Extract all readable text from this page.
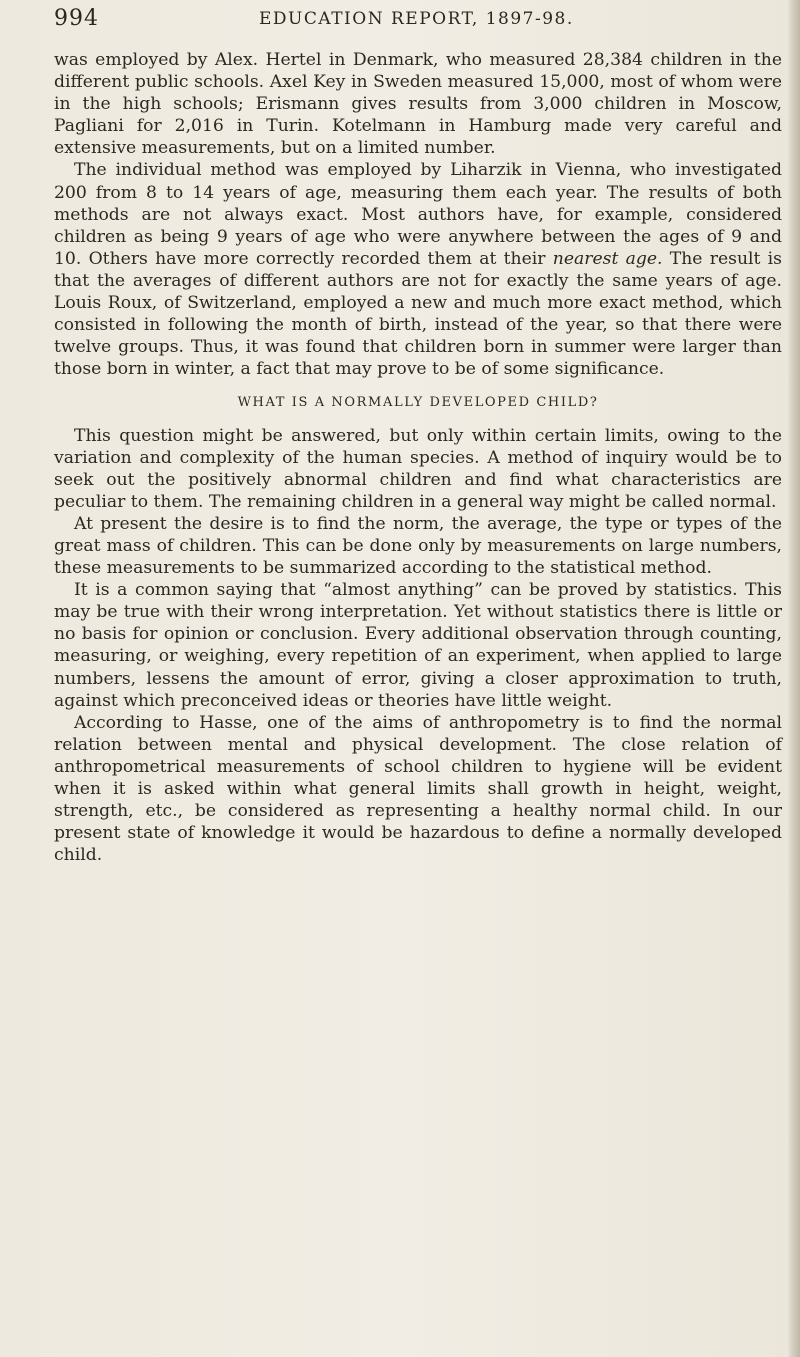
994	EDUCATION REPORT, 1897-98.

was employed by Alex. Hertel in Denmark, who measured 28,384 children in the different public schools. Axel Key in Sweden measured 15,000, most of whom were in the high schools; Erismann gives results from 3,000 children in Moscow, Pagliani for 2,016 in Turin. Kotelmann in Hamburg made very careful and extensive measurements, but on a limited number.

The individual method was employed by Liharzik in Vienna, who investigated 200 from 8 to 14 years of age, measuring them each year. The results of both methods are not always exact. Most authors have, for example, considered children as being 9 years of age who were anywhere between the ages of 9 and 10. Others have more correctly recorded them at their nearest age. The result is that the averages of different authors are not for exactly the same years of age. Louis Roux, of Switzerland, employed a new and much more exact method, which consisted in following the month of birth, instead of the year, so that there were twelve groups. Thus, it was found that children born in summer were larger than those born in winter, a fact that may prove to be of some significance.

WHAT IS A NORMALLY DEVELOPED CHILD?

This question might be answered, but only within certain limits, owing to the variation and complexity of the human species. A method of inquiry would be to seek out the positively abnormal children and find what characteristics are peculiar to them. The remaining children in a general way might be called normal.

At present the desire is to find the norm, the average, the type or types of the great mass of children. This can be done only by measurements on large numbers, these measurements to be summarized according to the statistical method.

It is a common saying that “almost anything” can be proved by statistics. This may be true with their wrong interpretation. Yet without statistics there is little or no basis for opinion or conclusion. Every additional observation through counting, measuring, or weighing, every repetition of an experiment, when applied to large numbers, lessens the amount of error, giving a closer approximation to truth, against which preconceived ideas or theories have little weight.

According to Hasse, one of the aims of anthropometry is to find the normal relation between mental and physical development. The close relation of anthropometrical measurements of school children to hygiene will be evident when it is asked within what general limits shall growth in height, weight, strength, etc., be considered as representing a healthy normal child. In our present state of knowledge it would be hazardous to define a normally developed child.
